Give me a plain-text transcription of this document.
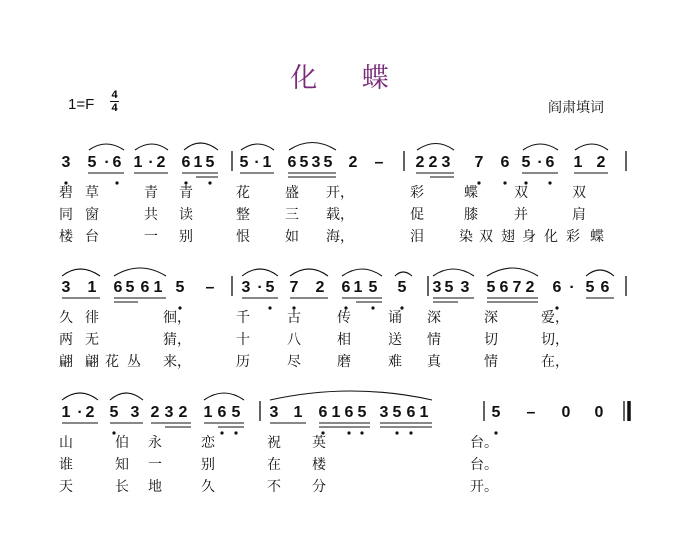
化 蝶
1=F
4
4	阎肃填词
3 5 · 6 1 · 2 6 1 5 5 · 1 6 5 3 5 2 – 2 2 3 7 6 5 · 6 1 2
碧 草	青 青	花	盛 开，	彩	蝶	双	双
同 窗	共 读	整	三 载，	促	膝	并	肩
楼 台	一 别	恨	如 海，	泪	染 双 翅 身 化 彩 蝶
3 1 6 5 6 1 5 – 3 · 5 7 2 6 1 5 5 3 5 3 5 6 7 2 6 · 5 6
久 徘	徊，	千	古	传	诵 深	深	爱，
两 无	猜，	十	八	相	送 情	切	切，
翩 翩 花 丛 来，	历	尽	磨	难 真	情	在，
1 · 2 5 3 2 3 2 1 6 5 3 1 6 1 6 5 3 5 6 1	5 – 0 0
山	伯 永	恋	祝 英	台。
谁	知 一	别	在 楼	台。
天	长 地	久	不 分	开。
